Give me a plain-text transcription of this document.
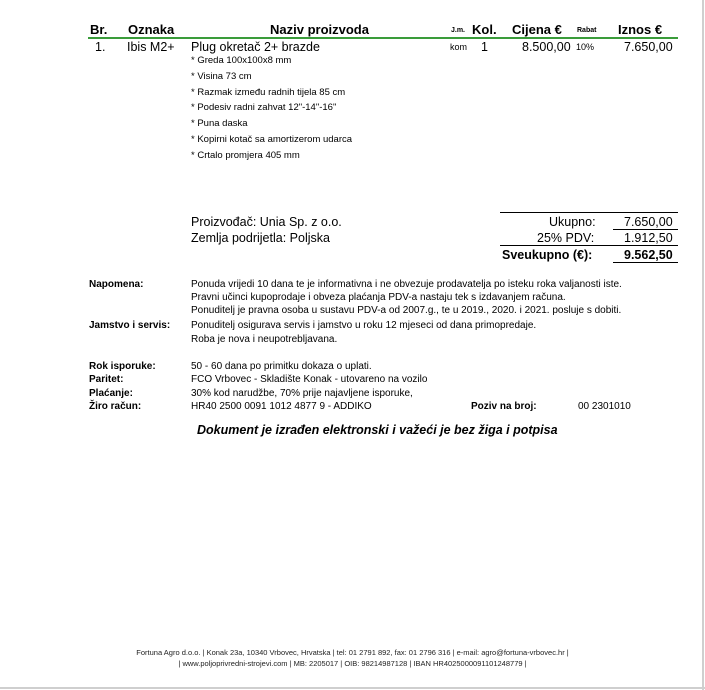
Br. Oznaka	Naziv proizvoda	J.m. Kol. Cijena € Rabat Iznos €
1. Ibis M2+ Plug okretač 2+ brazde	kom 1	8.500,00 10% 7.650,00
* Greda 100x100x8 mm
* Visina 73 cm
* Razmak između radnih tijela 85 cm
* Podesiv radni zahvat 12"-14"-16"
* Puna daska
* Kopirni kotač sa amortizerom udarca
* Crtalo promjera 405 mm
Proizvođač: Unia Sp. z o.o.
Zemlja podrijetla: Poljska
Ukupno: 7.650,00
25% PDV: 1.912,50
Sveukupno (€):	9.562,50
Napomena:	Ponuda vrijedi 10 dana te je informativna i ne obvezuje prodavatelja po isteku roka valjanosti iste.
Pravni učinci kupoprodaje i obveza plaćanja PDV-a nastaju tek s izdavanjem računa.
Ponuditelj je pravna osoba u sustavu PDV-a od 2007.g., te u 2019., 2020. i 2021. posluje s dobiti.
Jamstvo i servis: Ponuditelj osigurava servis i jamstvo u roku 12 mjeseci od dana primopredaje.
Roba je nova i neupotrebljavana.
Rok isporuke:	50 - 60 dana po primitku dokaza o uplati.
Paritet:	FCO Vrbovec - Skladište Konak - utovareno na vozilo
Plaćanje:	30% kod narudžbe, 70% prije najavljene isporuke,
Žiro račun:	HR40 2500 0091 1012 4877 9 - ADDIKO	Poziv na broj:	00 2301010
Dokument je izrađen elektronski i važeći je bez žiga i potpisa
Fortuna Agro d.o.o. | Konak 23a, 10340 Vrbovec, Hrvatska | tel: 01 2791 892, fax: 01 2796 316 | e-mail: agro@fortuna-vrbovec.hr |
| www.poljoprivredni-strojevi.com | MB: 2205017 | OIB: 98214987128 | IBAN HR4025000091101248779 |
